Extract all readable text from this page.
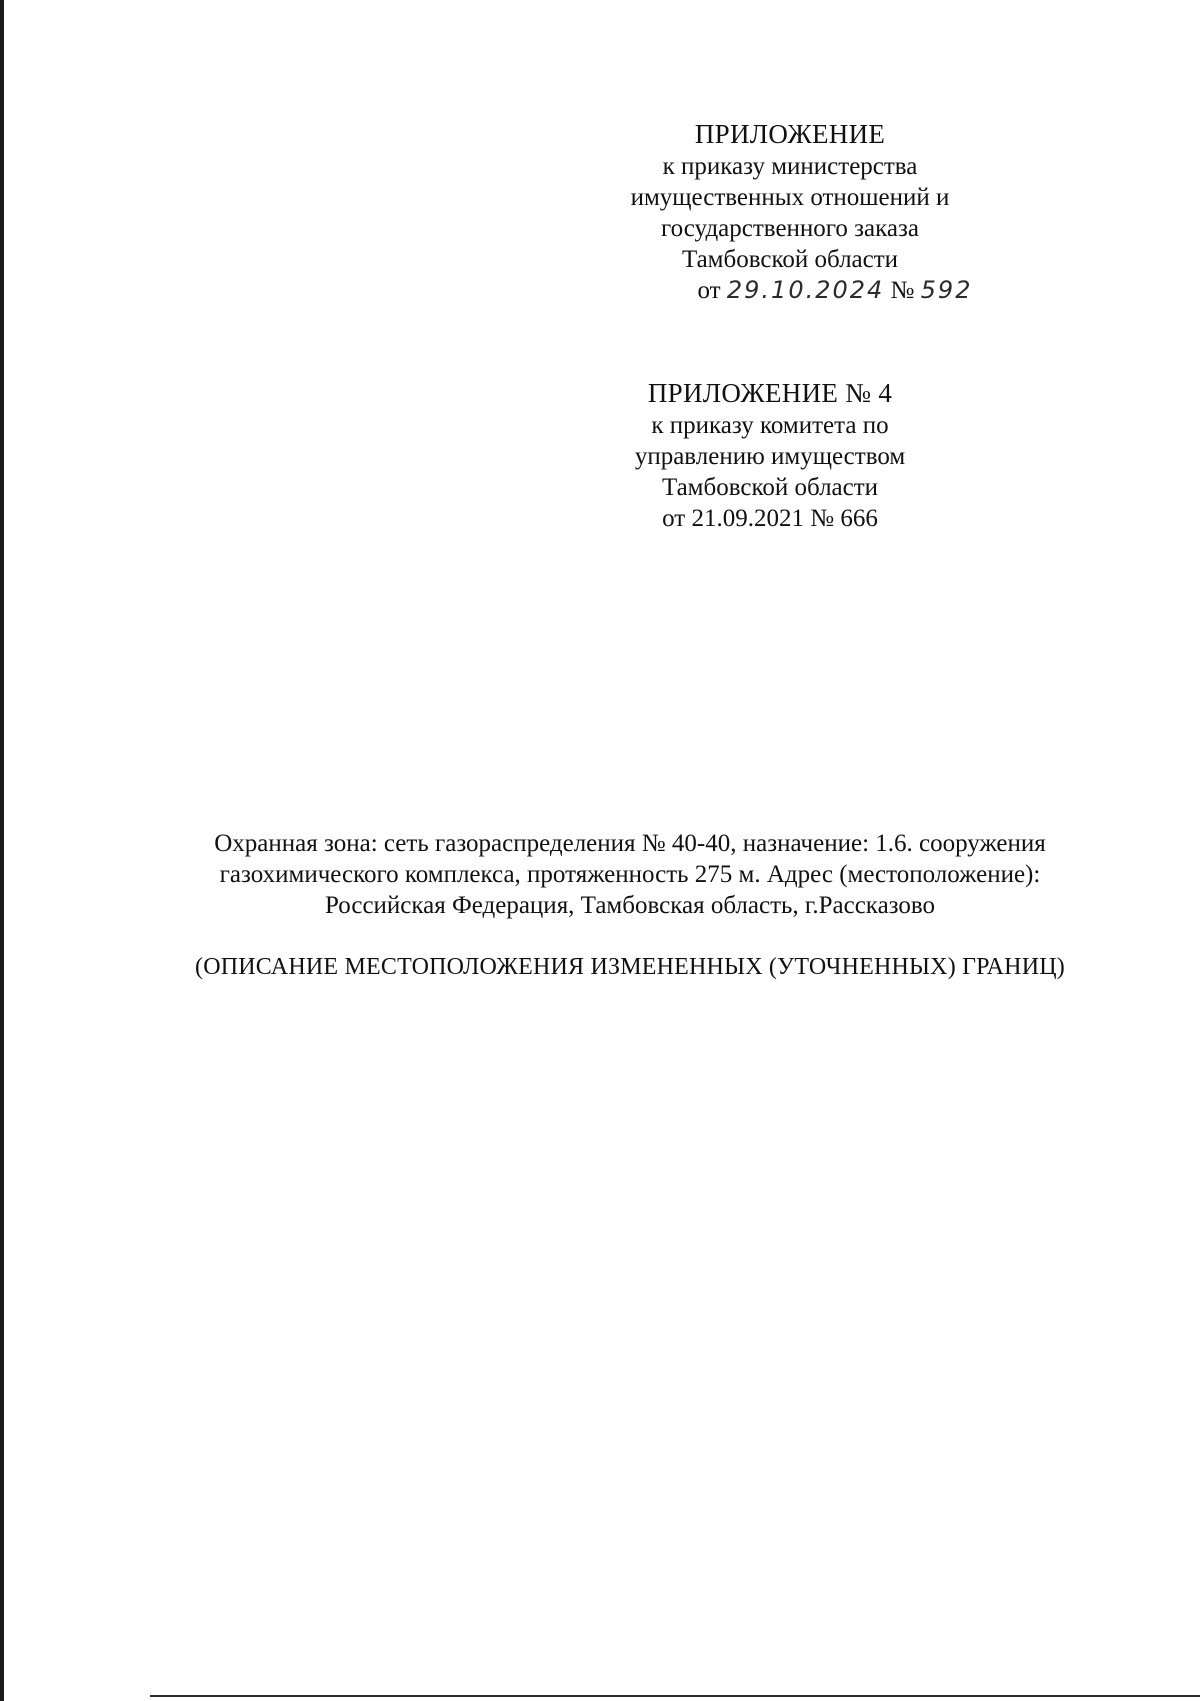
ПРИЛОЖЕНИЕ
к приказу министерства
имущественных отношений и
государственного заказа
Тамбовской области
от 29.10.2024 № 592
ПРИЛОЖЕНИЕ № 4
к приказу комитета по
управлению имуществом
Тамбовской области
от 21.09.2021 № 666
Охранная зона: сеть газораспределения № 40-40, назначение: 1.6. сооружения
газохимического комплекса, протяженность 275 м. Адрес (местоположение):
Российская Федерация, Тамбовская область, г.Рассказово
(ОПИСАНИЕ МЕСТОПОЛОЖЕНИЯ ИЗМЕНЕННЫХ (УТОЧНЕННЫХ) ГРАНИЦ)
